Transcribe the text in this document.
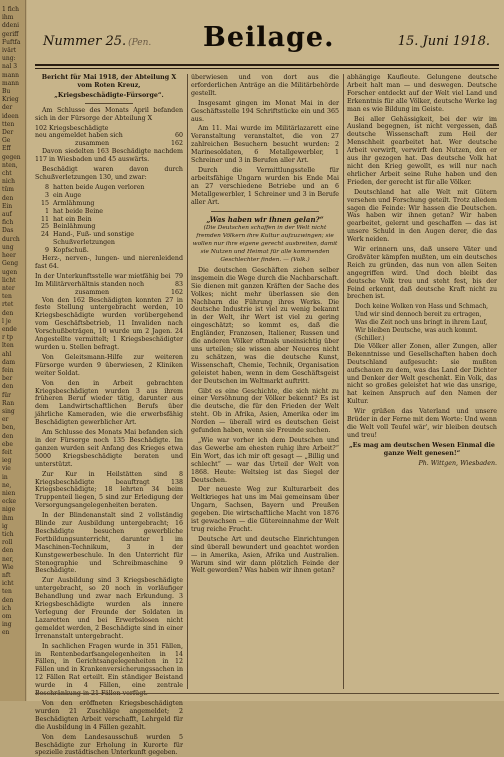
1 fich
ihm
ddeni
geriff
Fuftfa
ivärt
ung:
nal 3
mann
mann
Bu
Krieg
der
ideen
tten
Der
Ge
Eff
gegen
nten,
cht
nich
tüm
den
Ein
auf
fich
Das
durch
ung
heer
Geng
ugen
licht
nter
ten
rtet
den
l je
ende
r tp
lten
ahl
dam
fein
ber
den
für
Ran
sing
er
ben,
den
ebe
feit
ieg
vie
in
ne,
nien
ecke
nige
ihm
ig
tich
roll
den
ner,
Wie
nft
icht
ten
den
ich
om
ing
en
Nummer 25. (Pen. Beilage.	15. Juni 1918.

Bericht für Mai 1918, der Abteilung X vom Roten Kreuz,

„Kriegsbeschädigte-Fürsorge“.

Am Schlusse des Monats April befanden sich in der Fürsorge der Abteilung X

102 Kriegsbeschädigte
neu angemeldet haben sich	60
zusammen	162

Davon siedelten 163 Beschädigte nachdem 117 in Wiesbaden und 45 auswärts.

Beschädigt waren davon durch Schußverletzungen 130, und zwar:

8 hatten beide Augen verloren
3 ein Auge
15 Armlähmung
1 hat beide Beine
11 hat ein Bein
25 Beinlähmung
24 Hand-, Fuß- und sonstige
Schußverletzungen
9 Kopfschuß.

Herz-, nerven-, lungen- und nierenleidend fast 64.

In der Unterkunftsstelle war mietfähig bei 79
Im Militärverhältnis standen noch	83
zusammen	162

Von den 162 Beschädigten konnten 27 in feste Stellung untergebracht werden, 10 Kriegsbeschädigte wurden vorübergehend vom Geschäftsbetrieb, 11 Invaliden nach Vorschußbeträgen, 10 wurde um 2 Jagen. 24 Angestellte vermittelt; 1 Kriegsbeschädigter wurden u. Stellen befragt.

Von Geleitsmann-Hilfe zur weiteren Fürsorge wurden 9 überwiesen, 2 Kliniken weiter Soldat.

Von den in Arbeit gebrachten Kriegsbeschädigten wurden 3 aus ihrem früheren Beruf wieder tätig, darunter aus dem Landwirtschaftlichen Berufs über jährliche Kameraden, wie die erwerbsfähig Beschädigten gewerblicher Art.

Am Schlusse des Monats Mai befanden sich in der Fürsorge noch 135 Beschädigte. Im ganzen wurden seit Anfang des Krieges etwa 5000 Kriegsbeschädigte beraten und unterstützt.

Zur Kur in Heilstätten sind 8 Kriegsbeschädigte beauftragt 138 Kriegsbeschädigte; 18 lehrten 34 beim Truppenteil liegen, 5 sind zur Erledigung der Versorgungsangelegenheiten beraten.

In der Blindenanstalt sind 2 vollständig Blinde zur Ausbildung untergebracht; 16 Beschädigte besuchen gewerbliche Fortbildungsunterricht, darunter 1 im Maschinen-Technikum, 3 in der Kunstgewerbeschule. In den Unterricht für Stenographie und Schreibmaschine 9 Beschädigte.

Zur Ausbildung sind 3 Kriegsbeschädigte untergebracht, so 20 noch in vorläufiger Behandlung und zwar nach Erkundung. 3 Kriegsbeschädigte wurden als innere Verlegung der Freunde der Soldaten in Lazaretten und bei Erwerbslosen nicht gemeldet werden, 2 Beschädigte sind in einer Irrenanstalt untergebracht.

In sachlichen Fragen wurde in 351 Fällen, in Rentenbedarfsangelegenheiten in 14 Fällen, in Gerichtsangelegenheiten in 12 Fällen und in Krankenversicherungssachen in 12 Fällen Rat erteilt. Ein ständiger Beistand wurde in 4 Fällen, eine zentrale Beschränkung in 21 Fällen verfügt.

Von den eröffneten Kriegsbeschädigten wurden 21 Zuschläge angemeldet; 2 Beschädigten Arbeit verschafft, Lehrgeld für die Ausbildung in 4 Fällen gezahlt.

Von dem Landesausschuß wurden 5 Beschädigte zur Erholung in Kurorte für spezielle zustädtischen Unterkunft gegeben.

überwiesen und von dort aus die erforderlichen Anträge an die Militärbehörde gestellt.

Insgesamt gingen im Monat Mai in der Geschäftsstelle 194 Schriftstücke ein und 365 aus.

Am 11. Mai wurde im Militärlazarett eine Veranstaltung veranstaltet, die von 27 zahlreichen Besuchern besucht wurden: 2 Marinesoldaten, 6 Metallgewerbler, 1 Schreiner und 3 in Berufen aller Art.

Durch die Vermittlungsstelle für arbeitsfähige Ungarn wurden bis Ende Mai an 27 verschiedene Betriebe und an 6 Metallgewerbler, 1 Schreiner und 3 in Berufe aller Art.

„Was haben wir ihnen gelan?“

(Die Deutschen schaffen in der Welt nicht fremden Völkern ihre Kultur aufzuzwingen; sie wollen nur ihre eigene gerecht ausbreiten, damit sie Nutzen und Heimat für alle kommenden Geschlechter finden. — (Volk.)

Die deutschen Geschäften ziehen selber insgemein die Wege durch die Nachbarschaft. Sie dienen mit ganzen Kräften der Sache des Volkes; nicht mehr überlassen sie den Nachbarn die Führung ihres Werks. Die deutsche Industrie ist viel zu wenig bekannt in der Welt, ihr Wert ist viel zu gering eingeschätzt; so kommt es, daß die Engländer, Franzosen, Italiener, Russen und die anderen Völker oftmals uneinsichtig über uns urteilen; sie wissen aber Neueres nicht zu schätzen, was die deutsche Kunst, Wissenschaft, Chemie, Technik, Organisation geleistet haben, wenn in dem Geschäftsgeist der Deutschen im Weltmarkt auftritt.

Gibt es eine Geschichte, die sich nicht zu einer Versöhnung der Völker bekennt? Es ist die deutsche, die für den Frieden der Welt steht. Ob in Afrika, Asien, Amerika oder im Norden — überall wird es deutschen Geist gefunden haben, wenn sie Freunde suchen.

„Wie war vorher ich dem Deutschen und das Gewerbe am ehesten ruhig ihre Arbeit?“ Ein Wort, das ich mir oft gesagt — „Billig und schlecht“ — war das Urteil der Welt von 1868. Heute: Weltsieg ist das Siegel der Deutschen.

Der neueste Weg zur Kulturarbeit des Weltkrieges hat uns im Mai gemeinsam über Ungarn, Sachsen, Bayern und Preußen gegeben. Die wirtschaftliche Macht von 1876 ist gewachsen — die Gütereinnahme der Welt trug reiche Frucht.

Deutsche Art und deutsche Einrichtungen sind überall bewundert und geachtet worden — in Amerika, Asien, Afrika und Australien. Warum sind wir dann plötzlich Feinde der Welt geworden? Was haben wir ihnen getan?

abhängige Kaufleute. Gelungene deutsche Arbeit halt man — und deswegen. Deutsche Forscher entdeckt auf der Welt viel Land und Erkenntnis für alle Völker, deutsche Werke lag man es wie Bildung im Geiste.

Bei aller Gehässigkeit, bei der wir im Ausland begegnen, ist nicht vergessen, daß deutsche Wissenschaft zum Heil der Menschheit gearbeitet hat. Wer deutsche Arbeit verwirft, verwirft den Nutzen, den er aus ihr gezogen hat. Das deutsche Volk hat nicht den Krieg gewollt, es will nur nach ehrlicher Arbeit seine Ruhe haben und den Frieden, der gerecht ist für alle Völker.

Deutschland hat alle Welt mit Gütern versehen und Forschung geteilt. Trotz alledem sagen die Feinde: Wir hassen die Deutschen. Was haben wir ihnen getan? Wir haben gearbeitet, gelernt und geschaffen — das ist unsere Schuld in den Augen derer, die das Werk neiden.

Wir erinnern uns, daß unsere Väter und Großväter kämpfen mußten, um ein deutsches Reich zu gründen, das nun von allen Seiten angegriffen wird. Und doch bleibt das deutsche Volk treu und steht fest, bis der Feind erkennt, daß deutsche Kraft nicht zu brechen ist.

Doch keine Wolken von Hass und Schmach,

Und wir sind dennoch bereit zu ertragen,

Was die Zeit noch uns bringt in ihrem Lauf,

Wir bleiben Deutsche, was auch kommt. (Schiller.)

Die Völker aller Zonen, aller Zungen, aller Bekenntnisse und Gesellschaften haben doch Deutschland aufgesucht: sie mußten aufschauen zu dem, was das Land der Dichter und Denker der Welt geschenkt. Ein Volk, das nicht so großes geleistet hat wie das unsrige, hat keinen Anspruch auf den Namen der Kultur.

Wir grüßen das Vaterland und unsere Brüder in der Ferne mit dem Worte: Und wenn die Welt voll Teufel wär', wir bleiben deutsch und treu!

„Es mag am deutschen Wesen Einmal die ganze Welt genesen!“

Ph. Wittgen, Wiesbaden.
